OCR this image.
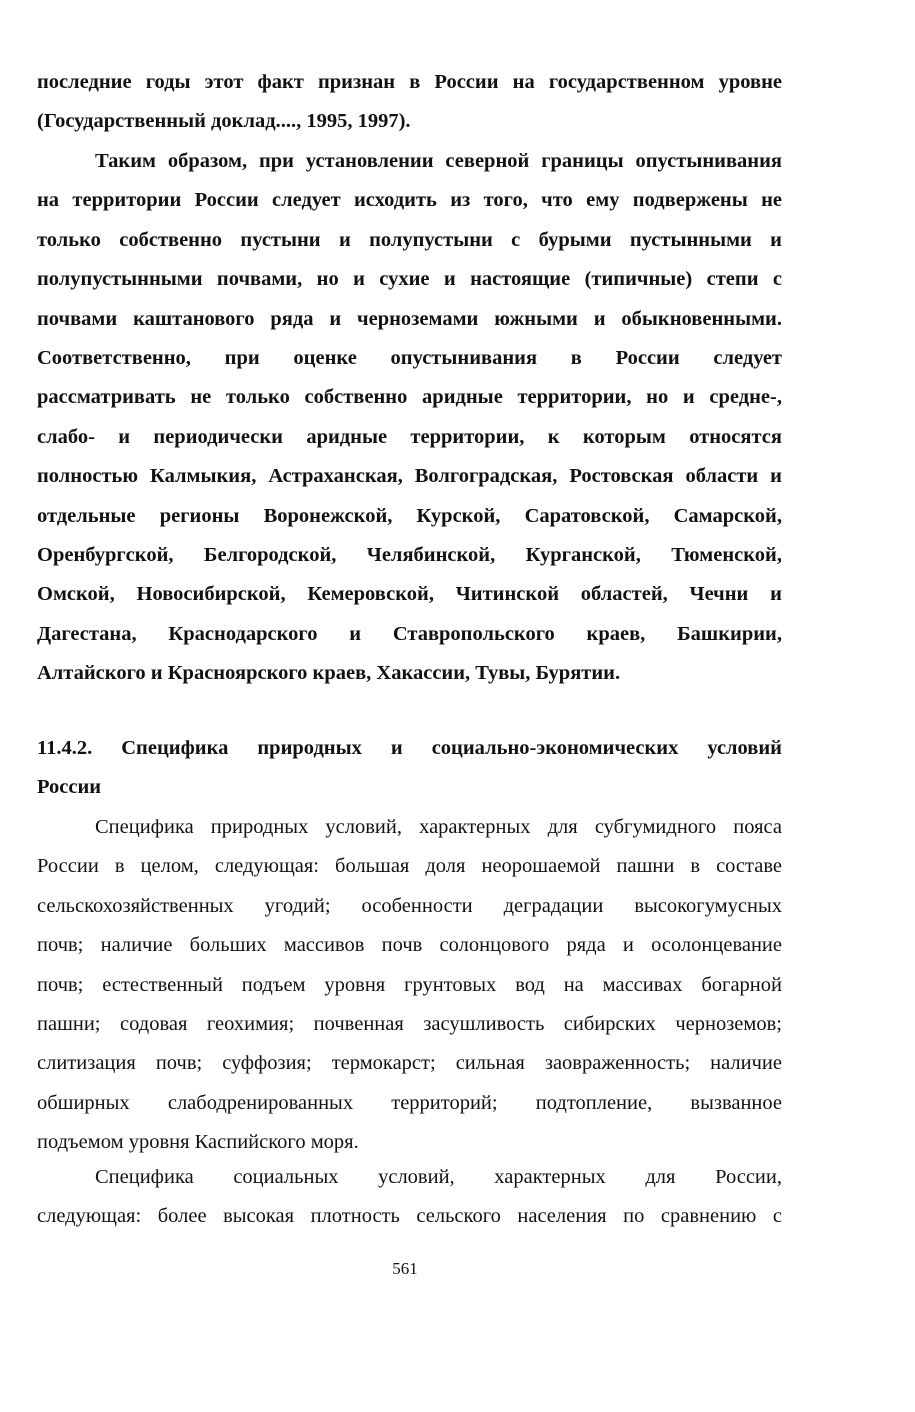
последние годы этот факт признан в России на государственном уровне
(Государственный доклад...., 1995, 1997).
Таким образом, при установлении северной границы опустынивания
на территории России следует исходить из того, что ему подвержены не
только собственно пустыни и полупустыни с бурыми пустынными и
полупустынными почвами, но и сухие и настоящие (типичные) степи с
почвами каштанового ряда и черноземами южными и обыкновенными.
Соответственно, при оценке опустынивания в России следует
рассматривать не только собственно аридные территории, но и средне-,
слабо- и периодически аридные территории, к которым относятся
полностью Калмыкия, Астраханская, Волгоградская, Ростовская области и
отдельные регионы Воронежской, Курской, Саратовской, Самарской,
Оренбургской, Белгородской, Челябинской, Курганской, Тюменской,
Омской, Новосибирской, Кемеровской, Читинской областей, Чечни и
Дагестана, Краснодарского и Ставропольского краев, Башкирии,
Алтайского и Красноярского краев, Хакассии, Тувы, Бурятии.
11.4.2. Специфика природных и социально-экономических условий
России
Специфика природных условий, характерных для субгумидного пояса
России в целом, следующая: большая доля неорошаемой пашни в составе
сельскохозяйственных угодий; особенности деградации высокогумусных
почв; наличие больших массивов почв солонцового ряда и осолонцевание
почв; естественный подъем уровня грунтовых вод на массивах богарной
пашни; содовая геохимия; почвенная засушливость сибирских черноземов;
слитизация почв; суффозия; термокарст; сильная заовраженность; наличие
обширных слабодренированных территорий; подтопление, вызванное
подъемом уровня Каспийского моря.
Специфика социальных условий, характерных для России,
следующая: более высокая плотность сельского населения по сравнению с
561
